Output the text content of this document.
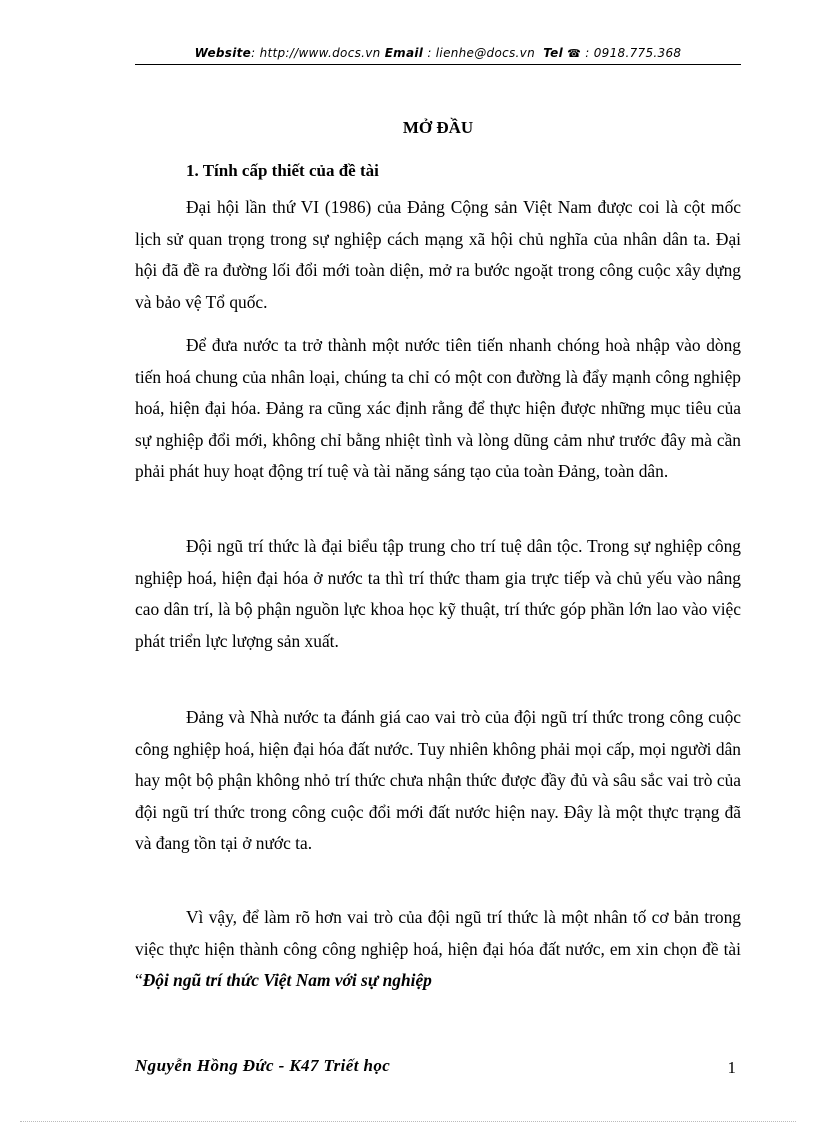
Website: http://www.docs.vn Email : lienhe@docs.vn Tel ☎ : 0918.775.368
MỞ ĐẦU
1. Tính cấp thiết của đề tài

Đại hội lần thứ VI (1986) của Đảng Cộng sản Việt Nam được coi là cột mốc lịch sử quan trọng trong sự nghiệp cách mạng xã hội chủ nghĩa của nhân dân ta. Đại hội đã đề ra đường lối đổi mới toàn diện, mở ra bước ngoặt trong công cuộc xây dựng và bảo vệ Tổ quốc.

Để đưa nước ta trở thành một nước tiên tiến nhanh chóng hoà nhập vào dòng tiến hoá chung của nhân loại, chúng ta chỉ có một con đường là đẩy mạnh công nghiệp hoá, hiện đại hóa. Đảng ra cũng xác định rằng để thực hiện được những mục tiêu của sự nghiệp đổi mới, không chỉ bằng nhiệt tình và lòng dũng cảm như trước đây mà cần phải phát huy hoạt động trí tuệ và tài năng sáng tạo của toàn Đảng, toàn dân.

Đội ngũ trí thức là đại biểu tập trung cho trí tuệ dân tộc. Trong sự nghiệp công nghiệp hoá, hiện đại hóa ở nước ta thì trí thức tham gia trực tiếp và chủ yếu vào nâng cao dân trí, là bộ phận nguồn lực khoa học kỹ thuật, trí thức góp phần lớn lao vào việc phát triển lực lượng sản xuất.

Đảng và Nhà nước ta đánh giá cao vai trò của đội ngũ trí thức trong công cuộc công nghiệp hoá, hiện đại hóa đất nước. Tuy nhiên không phải mọi cấp, mọi người dân hay một bộ phận không nhỏ trí thức chưa nhận thức được đầy đủ và sâu sắc vai trò của đội ngũ trí thức trong công cuộc đổi mới đất nước hiện nay. Đây là một thực trạng đã và đang tồn tại ở nước ta.

Vì vậy, để làm rõ hơn vai trò của đội ngũ trí thức là một nhân tố cơ bản trong việc thực hiện thành công công nghiệp hoá, hiện đại hóa đất nước, em xin chọn đề tài “Đội ngũ trí thức Việt Nam với sự nghiệp

Nguyễn Hồng Đức - K47 Triết học	1
